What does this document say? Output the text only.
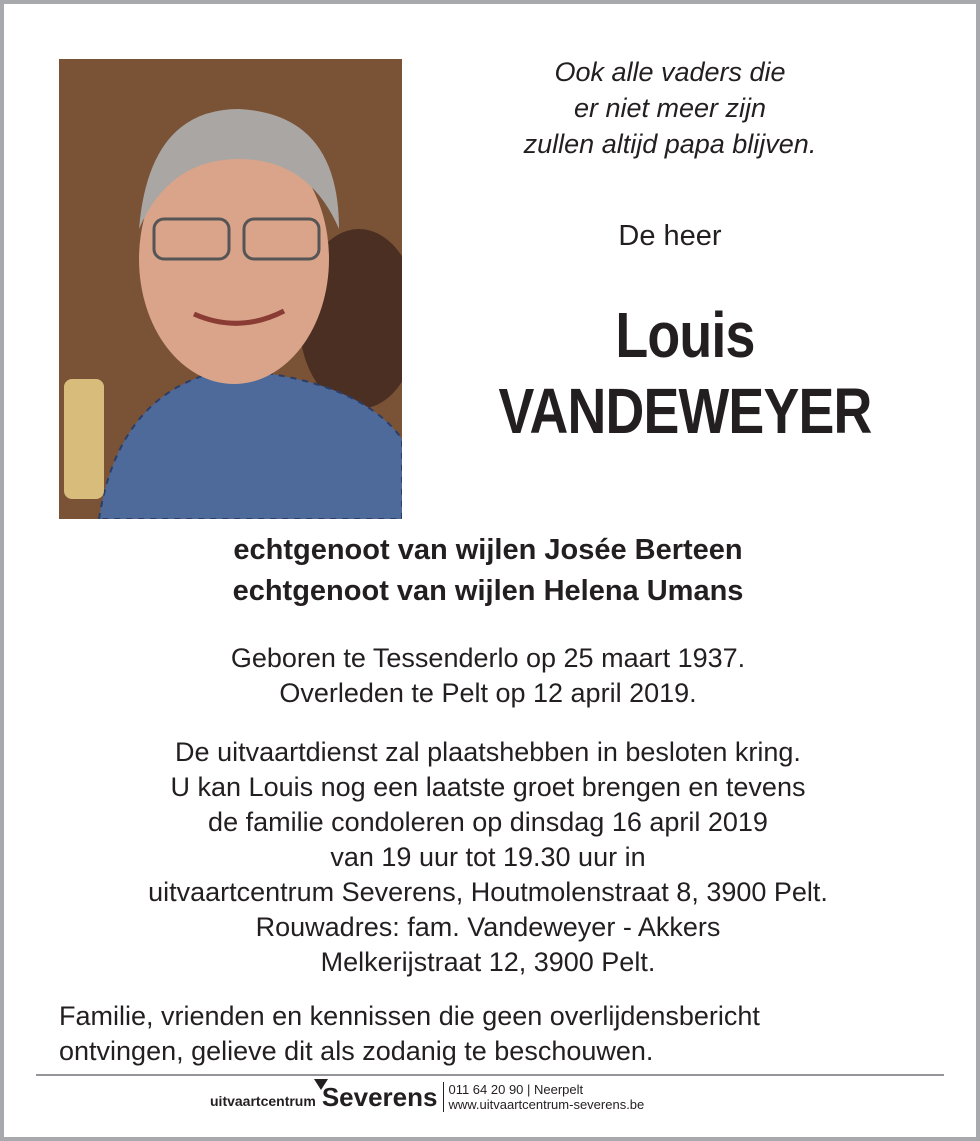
Ook alle vaders die
er niet meer zijn
zullen altijd papa blijven.
De heer
Louis
VANDEWEYER
echtgenoot van wijlen Josée Berteen
echtgenoot van wijlen Helena Umans
Geboren te Tessenderlo op 25 maart 1937.
Overleden te Pelt op 12 april 2019.
De uitvaartdienst zal plaatshebben in besloten kring.
U kan Louis nog een laatste groet brengen en tevens
de familie condoleren op dinsdag 16 april 2019
van 19 uur tot 19.30 uur in
uitvaartcentrum Severens, Houtmolenstraat 8, 3900 Pelt.
Rouwadres: fam. Vandeweyer - Akkers
Melkerijstraat 12, 3900 Pelt.
Familie, vrienden en kennissen die geen overlijdensbericht
ontvingen, gelieve dit als zodanig te beschouwen.
uitvaartcentrum Severens 011 64 20 90 | Neerpelt
www.uitvaartcentrum-severens.be
